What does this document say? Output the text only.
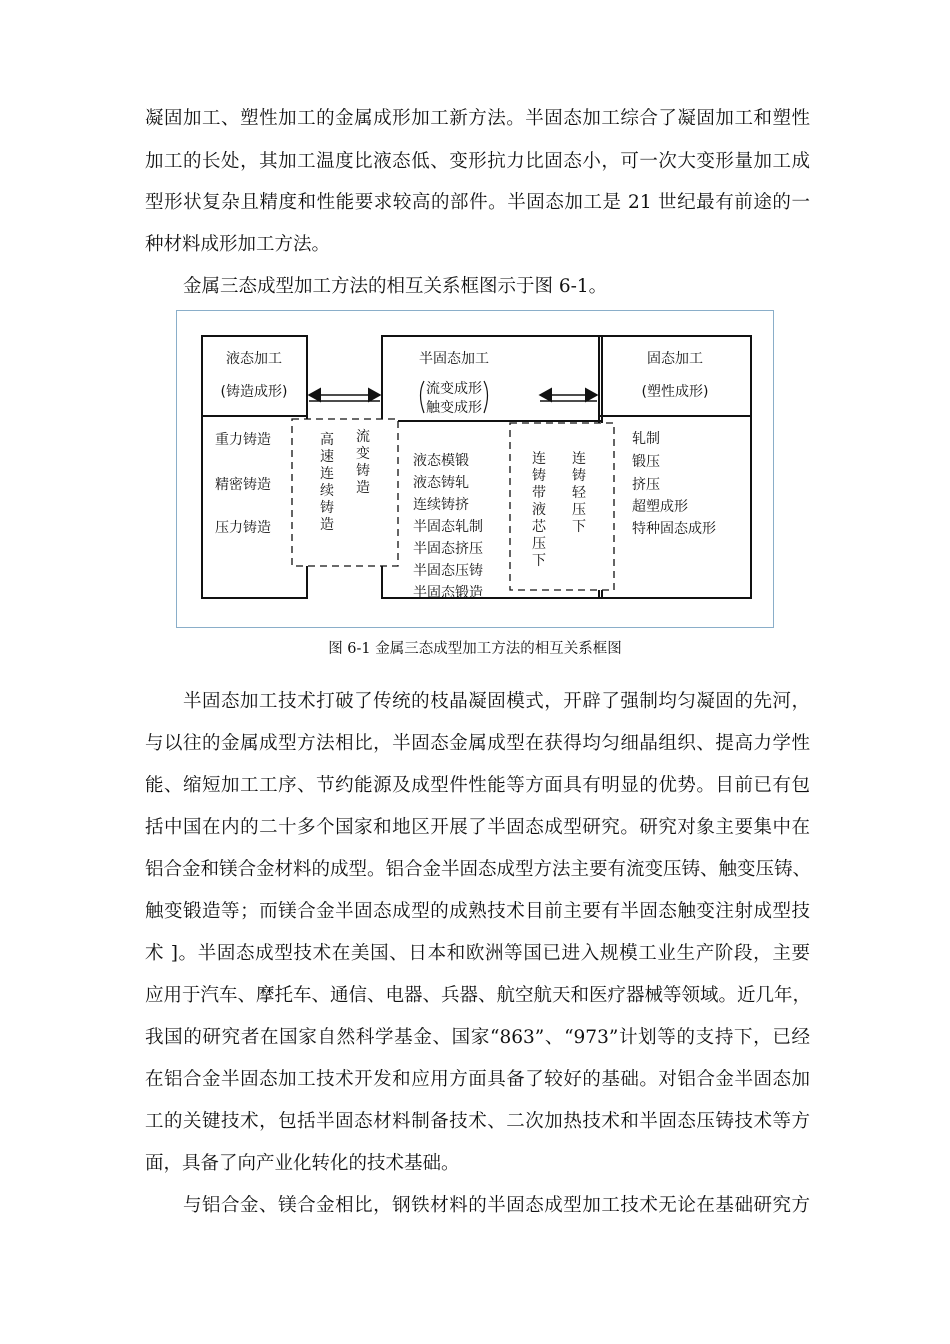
凝固加工、塑性加工的金属成形加工新方法。半固态加工综合了凝固加工和塑性
加工的长处，其加工温度比液态低、变形抗力比固态小，可一次大变形量加工成
型形状复杂且精度和性能要求较高的部件。半固态加工是 21 世纪最有前途的一
种材料成形加工方法。
金属三态成型加工方法的相互关系框图示于图 6-1。
液态加工
(铸造成形)
重力铸造
精密铸造
压力铸造
半固态加工
流变成形
触变成形
液态模锻
液态铸轧
连续铸挤
半固态轧制
半固态挤压
半固态压铸
半固态锻造
固态加工
(塑性成形)
轧制
锻压
挤压
超塑成形
特种固态成形
高
速
连
续
铸
造
流
变
铸
造
连
铸
带
液
芯
压
下
连
铸
轻
压
下
图 6-1 金属三态成型加工方法的相互关系框图
半固态加工技术打破了传统的枝晶凝固模式，开辟了强制均匀凝固的先河，
与以往的金属成型方法相比，半固态金属成型在获得均匀细晶组织、提高力学性
能、缩短加工工序、节约能源及成型件性能等方面具有明显的优势。目前已有包
括中国在内的二十多个国家和地区开展了半固态成型研究。研究对象主要集中在
铝合金和镁合金材料的成型。铝合金半固态成型方法主要有流变压铸、触变压铸、
触变锻造等；而镁合金半固态成型的成熟技术目前主要有半固态触变注射成型技
术 ]。半固态成型技术在美国、日本和欧洲等国已进入规模工业生产阶段，主要
应用于汽车、摩托车、通信、电器、兵器、航空航天和医疗器械等领域。近几年，
我国的研究者在国家自然科学基金、国家“863”、“973”计划等的支持下，已经
在铝合金半固态加工技术开发和应用方面具备了较好的基础。对铝合金半固态加
工的关键技术，包括半固态材料制备技术、二次加热技术和半固态压铸技术等方
面，具备了向产业化转化的技术基础。
与铝合金、镁合金相比，钢铁材料的半固态成型加工技术无论在基础研究方
